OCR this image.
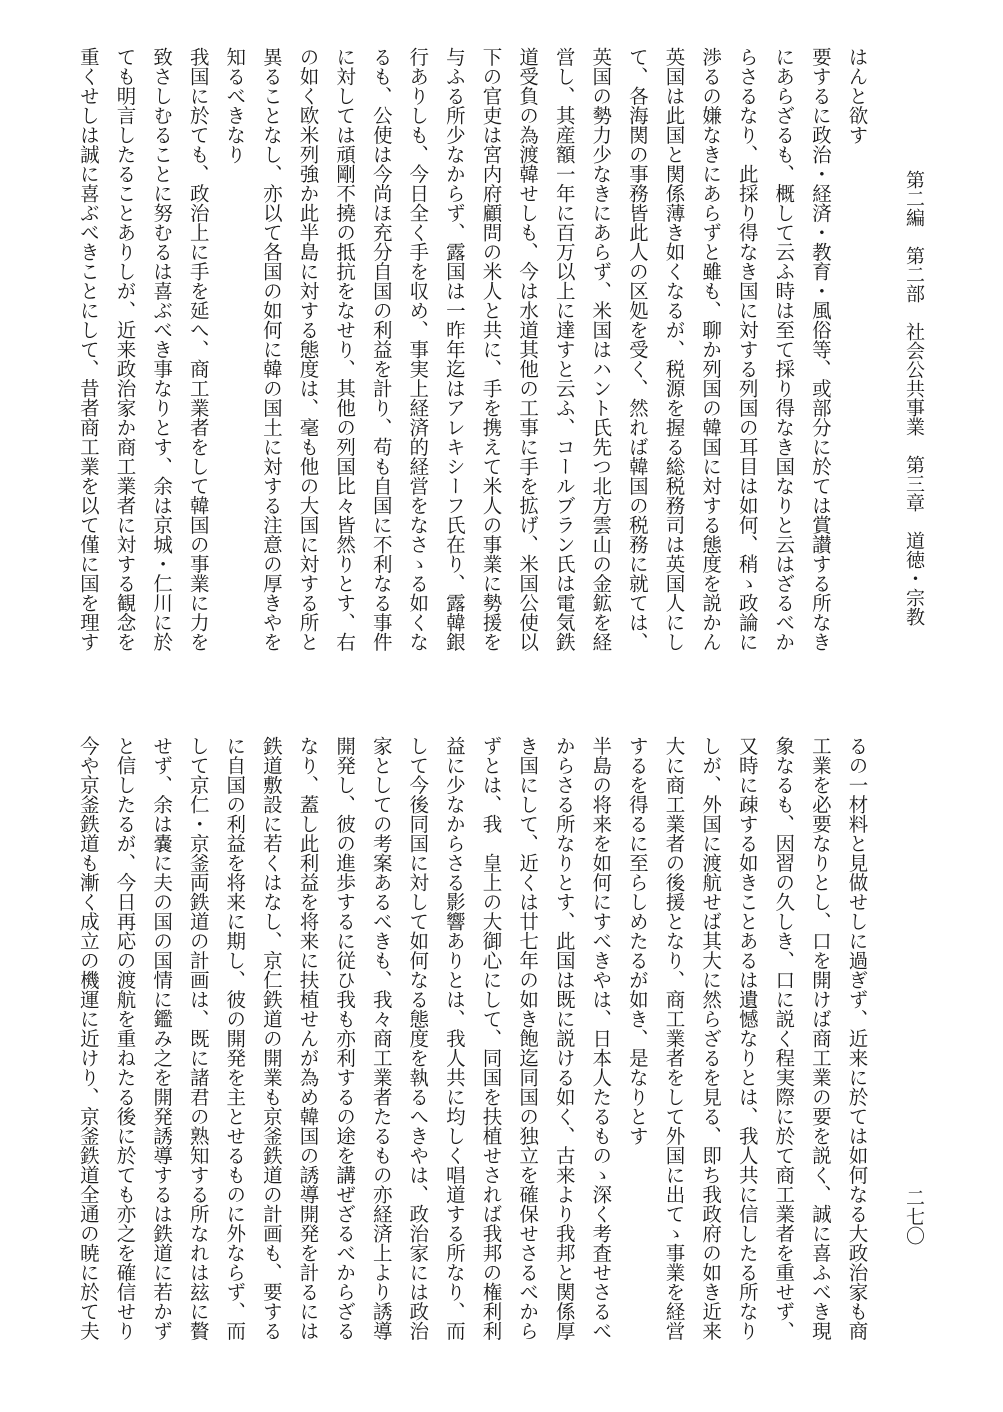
第二編　第二部　社会公共事業　第三章　道徳・宗教
はんと欲す
要するに政治・経済・教育・風俗等、或部分に於ては賞讃する所なき
にあらざるも、概して云ふ時は至て採り得なき国なりと云はざるべか
らさるなり、此採り得なき国に対する列国の耳目は如何、稍ゝ政論に
渉るの嫌なきにあらずと雖も、聊か列国の韓国に対する態度を説かん
英国は此国と関係薄き如くなるが、税源を握る総税務司は英国人にし
て、各海関の事務皆此人の区処を受く、然れば韓国の税務に就ては、
英国の勢力少なきにあらず、米国はハント氏先つ北方雲山の金鉱を経
営し、其産額一年に百万以上に達すと云ふ、コールブラン氏は電気鉄
道受負の為渡韓せしも、今は水道其他の工事に手を拡げ、米国公使以
下の官吏は宮内府顧問の米人と共に、手を携えて米人の事業に勢援を
与ふる所少なからず、露国は一昨年迄はアレキシーフ氏在り、露韓銀
行ありしも、今日全く手を収め、事実上経済的経営をなさゝる如くな
るも、公使は今尚ほ充分自国の利益を計り、苟も自国に不利なる事件
に対しては頑剛不撓の抵抗をなせり、其他の列国比々皆然りとす、右
の如く欧米列強か此半島に対する態度は、毫も他の大国に対する所と
異ることなし、亦以て各国の如何に韓の国土に対する注意の厚きやを
知るべきなり
我国に於ても、政治上に手を延へ、商工業者をして韓国の事業に力を
致さしむることに努むるは喜ぶべき事なりとす、余は京城・仁川に於
ても明言したることありしが、近来政治家か商工業者に対する観念を
重くせしは誠に喜ぶべきことにして、昔者商工業を以て僅に国を理す
るの一材料と見做せしに過ぎず、近来に於ては如何なる大政治家も商
工業を必要なりとし、口を開けば商工業の要を説く、誠に喜ふべき現
象なるも、因習の久しき、口に説く程実際に於て商工業者を重せず、
又時に疎する如きことあるは遺憾なりとは、我人共に信したる所なり
しが、外国に渡航せば其大に然らざるを見る、即ち我政府の如き近来
大に商工業者の後援となり、商工業者をして外国に出てゝ事業を経営
するを得るに至らしめたるが如き、是なりとす
半島の将来を如何にすべきやは、日本人たるものゝ深く考査せさるべ
からさる所なりとす、此国は既に説ける如く、古来より我邦と関係厚
き国にして、近くは廿七年の如き飽迄同国の独立を確保せさるべから
ずとは、我　皇上の大御心にして、同国を扶植せされば我邦の権利利
益に少なからさる影響ありとは、我人共に均しく唱道する所なり、而
して今後同国に対して如何なる態度を執るへきやは、政治家には政治
家としての考案あるべきも、我々商工業者たるもの亦経済上より誘導
開発し、彼の進歩するに従ひ我も亦利するの途を講ぜざるべからざる
なり、蓋し此利益を将来に扶植せんが為め韓国の誘導開発を計るには
鉄道敷設に若くはなし、京仁鉄道の開業も京釜鉄道の計画も、要する
に自国の利益を将来に期し、彼の開発を主とせるものに外ならず、而
して京仁・京釜両鉄道の計画は、既に諸君の熟知する所なれは玆に贅
せず、余は嚢に夫の国の国情に鑑み之を開発誘導するは鉄道に若かず
と信したるが、今日再応の渡航を重ねたる後に於ても亦之を確信せり
今や京釜鉄道も漸く成立の機運に近けり、京釜鉄道全通の暁に於て夫	二七〇
